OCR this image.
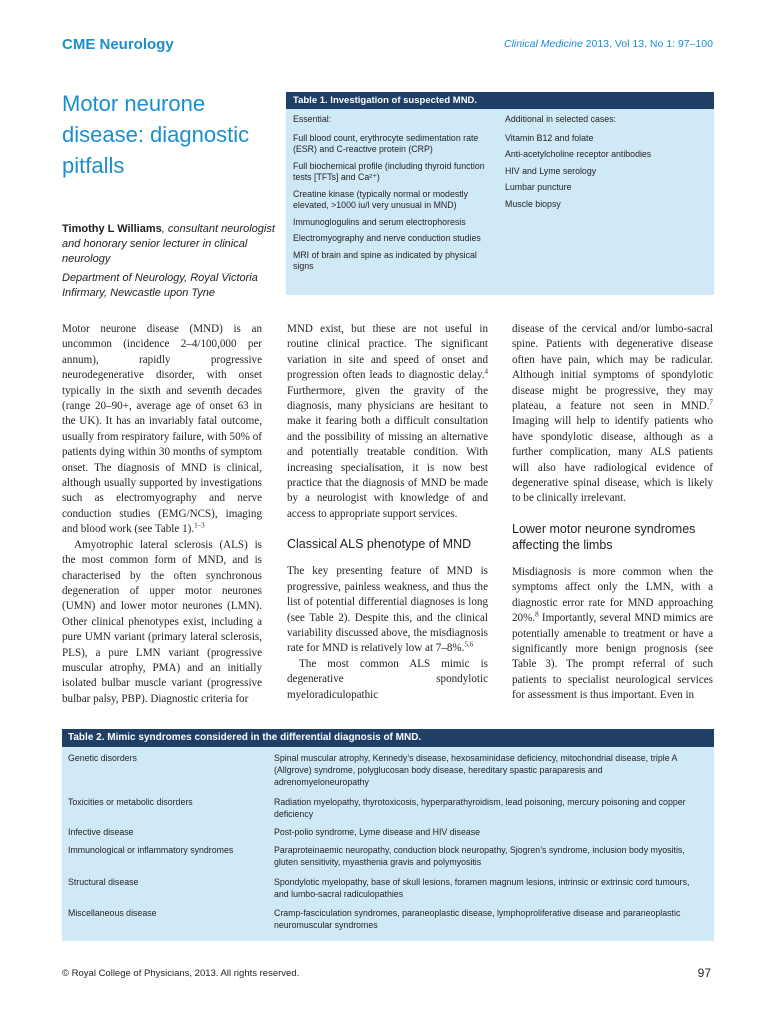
CME Neurology	Clinical Medicine 2013, Vol 13, No 1: 97–100
Motor neurone disease: diagnostic pitfalls

Timothy L Williams, consultant neurologist and honorary senior lecturer in clinical neurology

Department of Neurology, Royal Victoria Infirmary, Newcastle upon Tyne

Table 1. Investigation of suspected MND.
Essential:
Full blood count, erythrocyte sedimentation rate (ESR) and C-reactive protein (CRP)
Full biochemical profile (including thyroid function tests [TFTs] and Ca²⁺)
Creatine kinase (typically normal or modestly elevated, >1000 iu/l very unusual in MND)
Immunoglogulins and serum electrophoresis
Electromyography and nerve conduction studies
MRI of brain and spine as indicated by physical signs
Additional in selected cases:
Vitamin B12 and folate
Anti-acetylcholine receptor antibodies
HIV and Lyme serology
Lumbar puncture
Muscle biopsy

Motor neurone disease (MND) is an uncommon (incidence 2–4/100,000 per annum), rapidly progressive neurodegenerative disorder, with onset typically in the sixth and seventh decades (range 20–90+, average age of onset 63 in the UK). It has an invariably fatal outcome, usually from respiratory failure, with 50% of patients dying within 30 months of symptom onset. The diagnosis of MND is clinical, although usually supported by investigations such as electromyography and nerve conduction studies (EMG/NCS), imaging and blood work (see Table 1).$^{1-3}$

Amyotrophic lateral sclerosis (ALS) is the most common form of MND, and is characterised by the often synchronous degeneration of upper motor neurones (UMN) and lower motor neurones (LMN). Other clinical phenotypes exist, including a pure UMN variant (primary lateral sclerosis, PLS), a pure LMN variant (progressive muscular atrophy, PMA) and an initially isolated bulbar muscle variant (progressive bulbar palsy, PBP). Diagnostic criteria for

MND exist, but these are not useful in routine clinical practice. The significant variation in site and speed of onset and progression often leads to diagnostic delay.$^4$ Furthermore, given the gravity of the diagnosis, many physicians are hesitant to make it fearing both a difficult consultation and the possibility of missing an alternative and potentially treatable condition. With increasing specialisation, it is now best practice that the diagnosis of MND be made by a neurologist with knowledge of and access to appropriate support services.

Classical ALS phenotype of MND

The key presenting feature of MND is progressive, painless weakness, and thus the list of potential differential diagnoses is long (see Table 2). Despite this, and the clinical variability discussed above, the misdiagnosis rate for MND is relatively low at 7–8%.$^{5,6}$

The most common ALS mimic is degenerative spondylotic myeloradiculopathic

disease of the cervical and/or lumbo-sacral spine. Patients with degenerative disease often have pain, which may be radicular. Although initial symptoms of spondylotic disease might be progressive, they may plateau, a feature not seen in MND.$^7$ Imaging will help to identify patients who have spondylotic disease, although as a further complication, many ALS patients will also have radiological evidence of degenerative spinal disease, which is likely to be clinically irrelevant.

Lower motor neurone syndromes affecting the limbs

Misdiagnosis is more common when the symptoms affect only the LMN, with a diagnostic error rate for MND approaching 20%.$^8$ Importantly, several MND mimics are potentially amenable to treatment or have a significantly more benign prognosis (see Table 3). The prompt referral of such patients to specialist neurological services for assessment is thus important. Even in

Table 2. Mimic syndromes considered in the differential diagnosis of MND.
Genetic disorders	Spinal muscular atrophy, Kennedy’s disease, hexosaminidase deficiency, mitochondrial disease, triple A (Allgrove) syndrome, polyglucosan body disease, hereditary spastic paraparesis and adrenomyeloneuropathy
Toxicities or metabolic disorders	Radiation myelopathy, thyrotoxicosis, hyperparathyroidism, lead poisoning, mercury poisoning and copper deficiency
Infective disease	Post-polio syndrome, Lyme disease and HIV disease
Immunological or inflammatory syndromes	Paraproteinaemic neuropathy, conduction block neuropathy, Sjogren’s syndrome, inclusion body myositis, gluten sensitivity, myasthenia gravis and polymyositis
Structural disease	Spondylotic myelopathy, base of skull lesions, foramen magnum lesions, intrinsic or extrinsic cord tumours, and lumbo-sacral radiculopathies
Miscellaneous disease	Cramp-fasciculation syndromes, paraneoplastic disease, lymphoproliferative disease and paraneoplastic neuromuscular syndromes
© Royal College of Physicians, 2013. All rights reserved.	97
